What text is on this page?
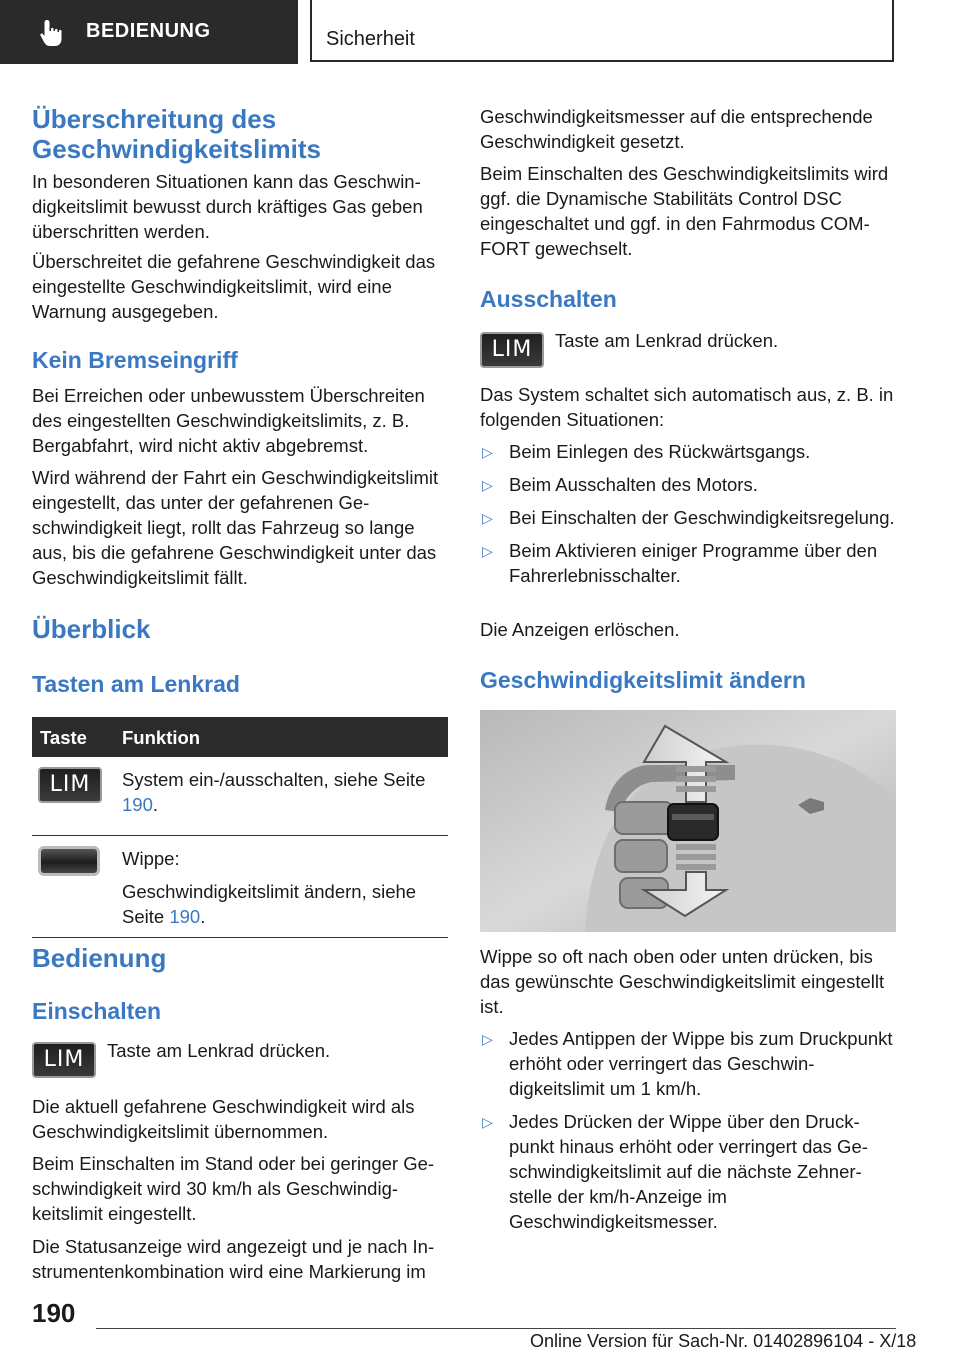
BEDIENUNG	Sicherheit
Überschreitung des Geschwindigkeitslimits

In besonderen Situationen kann das Geschwindigkeitslimit bewusst durch kräftiges Gas geben überschritten werden.

Überschreitet die gefahrene Geschwindigkeit das eingestellte Geschwindigkeitslimit, wird eine Warnung ausgegeben.

Kein Bremseingriff

Bei Erreichen oder unbewusstem Überschreiten des eingestellten Geschwindigkeitslimits, z. B. Bergabfahrt, wird nicht aktiv abgebremst.

Wird während der Fahrt ein Geschwindigkeitslimit eingestellt, das unter der gefahrenen Geschwindigkeit liegt, rollt das Fahrzeug so lange aus, bis die gefahrene Geschwindigkeit unter das Geschwindigkeitslimit fällt.

Überblick
Tasten am Lenkrad
Taste	Funktion
LIM	System ein-/ausschalten, siehe Seite 190.

	Wippe:
Geschwindigkeitslimit ändern, siehe Seite 190.
Bedienung
Einschalten
LIM Taste am Lenkrad drücken.

Die aktuell gefahrene Geschwindigkeit wird als Geschwindigkeitslimit übernommen.

Beim Einschalten im Stand oder bei geringer Geschwindigkeit wird 30 km/h als Geschwindigkeitslimit eingestellt.

Die Statusanzeige wird angezeigt und je nach Instrumentenkombination wird eine Markierung im

Geschwindigkeitsmesser auf die entsprechende Geschwindigkeit gesetzt.

Beim Einschalten des Geschwindigkeitslimits wird ggf. die Dynamische Stabilitäts Control DSC eingeschaltet und ggf. in den Fahrmodus COMFORT gewechselt.

Ausschalten
LIM Taste am Lenkrad drücken.

Das System schaltet sich automatisch aus, z. B. in folgenden Situationen:

▷ Beim Einlegen des Rückwärtsgangs.
▷ Beim Ausschalten des Motors.
▷ Bei Einschalten der Geschwindigkeitsregelung.
▷ Beim Aktivieren einiger Programme über den Fahrerlebnisschalter.

Die Anzeigen erlöschen.

Geschwindigkeitslimit ändern

Wippe so oft nach oben oder unten drücken, bis das gewünschte Geschwindigkeitslimit eingestellt ist.

▷ Jedes Antippen der Wippe bis zum Druckpunkt erhöht oder verringert das Geschwindigkeitslimit um 1 km/h.
▷ Jedes Drücken der Wippe über den Druckpunkt hinaus erhöht oder verringert das Geschwindigkeitslimit auf die nächste Zehnerstelle der km/h-Anzeige im Geschwindigkeitsmesser.
190
Online Version für Sach-Nr. 01402896104 - X/18
